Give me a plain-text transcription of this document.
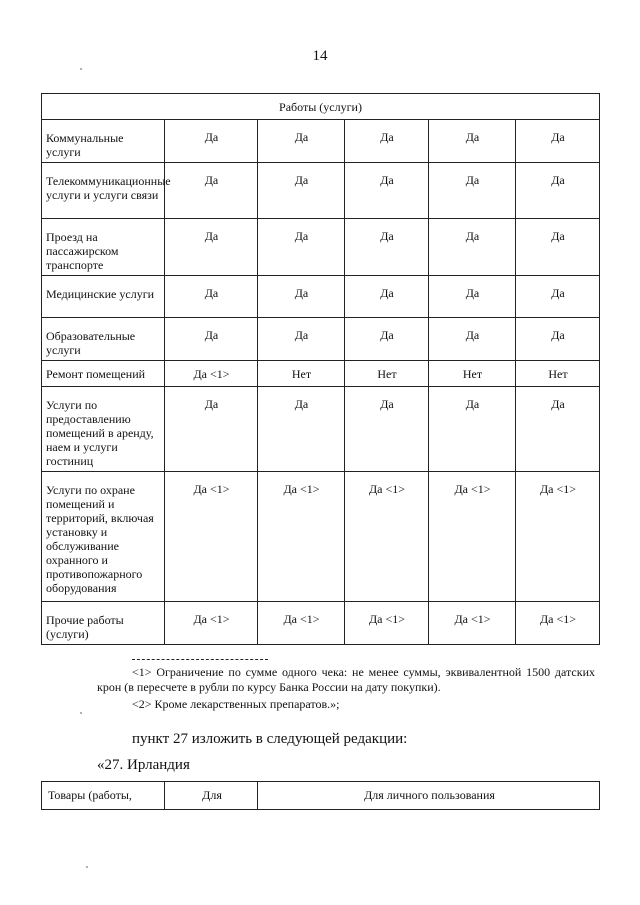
14
Работы (услуги)					
Коммунальные услуги	Да	Да	Да	Да	Да
Телекоммуникационные услуги и услуги связи	Да	Да	Да	Да	Да
Проезд на пассажирском транспорте	Да	Да	Да	Да	Да
Медицинские услуги	Да	Да	Да	Да	Да
Образовательные услуги	Да	Да	Да	Да	Да
Ремонт помещений	Да <1>	Нет	Нет	Нет	Нет
Услуги по предоставлению помещений в аренду, наем и услуги гостиниц	Да	Да	Да	Да	Да
Услуги по охране помещений и территорий, включая установку и обслуживание охранного и противопожарного оборудования	Да <1>	Да <1>	Да <1>	Да <1>	Да <1>
Прочие работы (услуги)	Да <1>	Да <1>	Да <1>	Да <1>	Да <1>
<1> Ограничение по сумме одного чека: не менее суммы, эквивалентной 1500 датских крон (в пересчете в рубли по курсу Банка России на дату покупки).
<2> Кроме лекарственных препаратов.»;
пункт 27 изложить в следующей редакции:
«27. Ирландия
Товары (работы,	Для	Для личного пользования
